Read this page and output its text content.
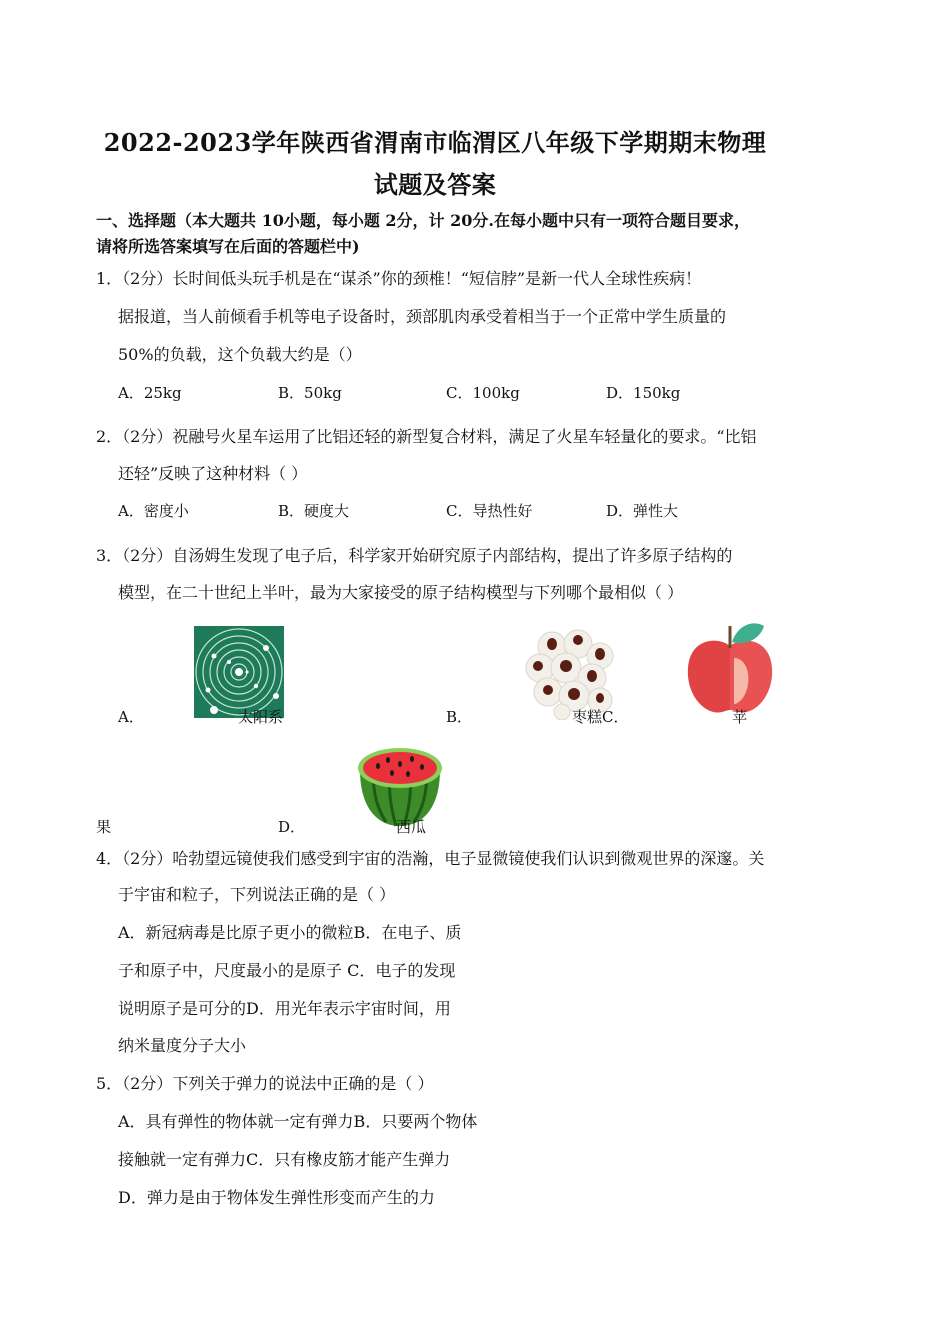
2022-2023学年陕西省渭南市临渭区八年级下学期期末物理
试题及答案
一、选择题（本大题共 10小题，每小题 2分，计 20分.在每小题中只有一项符合题目要求，
请将所选答案填写在后面的答题栏中)
1．（2分）长时间低头玩手机是在“谋杀”你的颈椎！“短信脖”是新一代人全球性疾病！
据报道，当人前倾看手机等电子设备时，颈部肌肉承受着相当于一个正常中学生质量的
50%的负载，这个负载大约是（）
A．25kg	B．50kg	C．100kg	D．150kg
2．（2分）祝融号火星车运用了比铝还轻的新型复合材料，满足了火星车轻量化的要求。“比铝
还轻”反映了这种材料（ ）
A．密度小	B．硬度大	C．导热性好	D．弹性大
3．（2分）自汤姆生发现了电子后，科学家开始研究原子内部结构，提出了许多原子结构的
模型，在二十世纪上半叶，最为大家接受的原子结构模型与下列哪个最相似（ ）
A．	太阳系	B．	枣糕C．	苹
果	D．	西瓜
4．（2分）哈勃望远镜使我们感受到宇宙的浩瀚，电子显微镜使我们认识到微观世界的深邃。关
于宇宙和粒子，下列说法正确的是（ ）
A．新冠病毒是比原子更小的微粒B．在电子、质
子和原子中，尺度最小的是原子 C．电子的发现
说明原子是可分的D．用光年表示宇宙时间，用
纳米量度分子大小
5．（2分）下列关于弹力的说法中正确的是（ ）
A．具有弹性的物体就一定有弹力B．只要两个物体
接触就一定有弹力C．只有橡皮筋才能产生弹力
D．弹力是由于物体发生弹性形变而产生的力
